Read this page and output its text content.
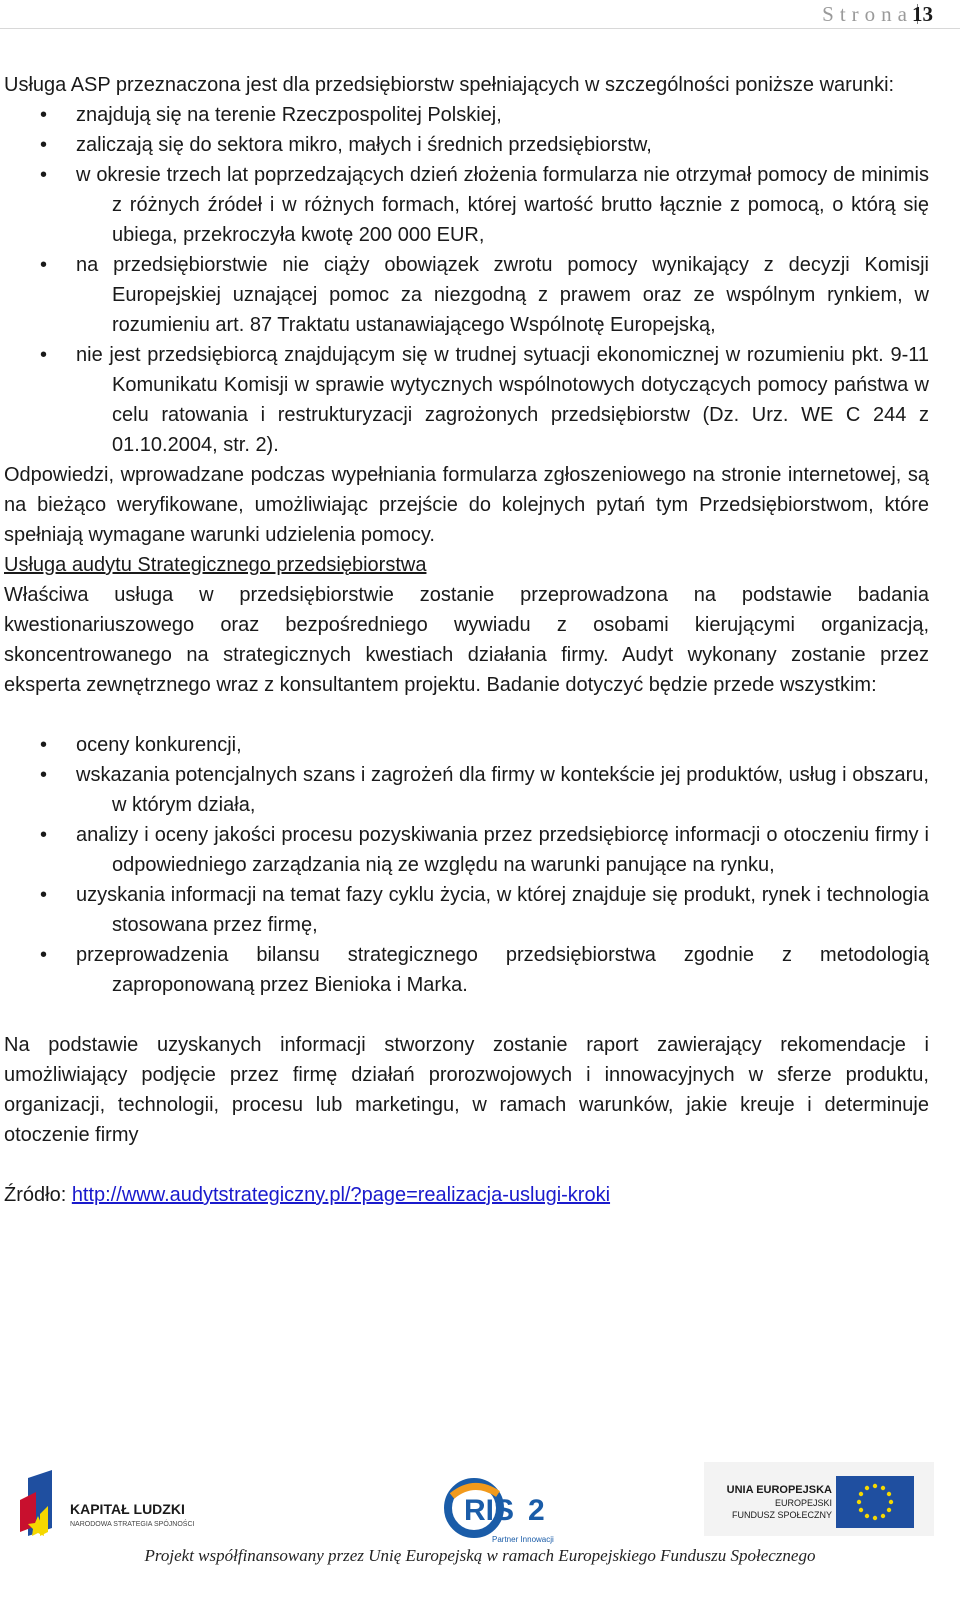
Strona 13

Usługa ASP przeznaczona jest dla przedsiębiorstw spełniających w szczególności poniższe warunki:

• znajdują się na terenie Rzeczpospolitej Polskiej,
• zaliczają się do sektora mikro, małych i średnich przedsiębiorstw,
• w okresie trzech lat poprzedzających dzień złożenia formularza nie otrzymał pomocy de minimis z różnych źródeł i w różnych formach, której wartość brutto łącznie z pomocą, o którą się ubiega, przekroczyła kwotę 200 000 EUR,
• na przedsiębiorstwie nie ciąży obowiązek zwrotu pomocy wynikający z decyzji Komisji Europejskiej uznającej pomoc za niezgodną z prawem oraz ze wspólnym rynkiem, w rozumieniu art. 87 Traktatu ustanawiającego Wspólnotę Europejską,
• nie jest przedsiębiorcą znajdującym się w trudnej sytuacji ekonomicznej w rozumieniu pkt. 9-11 Komunikatu Komisji w sprawie wytycznych wspólnotowych dotyczących pomocy państwa w celu ratowania i restrukturyzacji zagrożonych przedsiębiorstw (Dz. Urz. WE C 244 z 01.10.2004, str. 2).

Odpowiedzi, wprowadzane podczas wypełniania formularza zgłoszeniowego na stronie internetowej, są na bieżąco weryfikowane, umożliwiając przejście do kolejnych pytań tym Przedsiębiorstwom, które spełniają wymagane warunki udzielenia pomocy.

Usługa audytu Strategicznego przedsiębiorstwa

Właściwa usługa w przedsiębiorstwie zostanie przeprowadzona na podstawie badania kwestionariuszowego oraz bezpośredniego wywiadu z osobami kierującymi organizacją, skoncentrowanego na strategicznych kwestiach działania firmy. Audyt wykonany zostanie przez eksperta zewnętrznego wraz z konsultantem projektu. Badanie dotyczyć będzie przede wszystkim:

• oceny konkurencji,
• wskazania potencjalnych szans i zagrożeń dla firmy w kontekście jej produktów, usług i obszaru, w którym działa,
• analizy i oceny jakości procesu pozyskiwania przez przedsiębiorcę informacji o otoczeniu firmy i odpowiedniego zarządzania nią ze względu na warunki panujące na rynku,
• uzyskania informacji na temat fazy cyklu życia, w której znajduje się produkt, rynek i technologia stosowana przez firmę,
• przeprowadzenia bilansu strategicznego przedsiębiorstwa zgodnie z metodologią zaproponowaną przez Bienioka i Marka.

Na podstawie uzyskanych informacji stworzony zostanie raport zawierający rekomendacje i umożliwiający podjęcie przez firmę działań prorozwojowych i innowacyjnych w sferze produktu, organizacji, technologii, procesu lub marketingu, w ramach warunków, jakie kreuje i determinuje otoczenie firmy

Źródło: http://www.audytstrategiczny.pl/?page=realizacja-uslugi-kroki

KAPITAŁ LUDZKI
NARODOWA STRATEGIA SPÓJNOŚCI	RIS 2
Partner Innowacji
UNIA EUROPEJSKA
EUROPEJSKI
FUNDUSZ SPOŁECZNY
Projekt współfinansowany przez Unię Europejską w ramach Europejskiego Funduszu Społecznego
